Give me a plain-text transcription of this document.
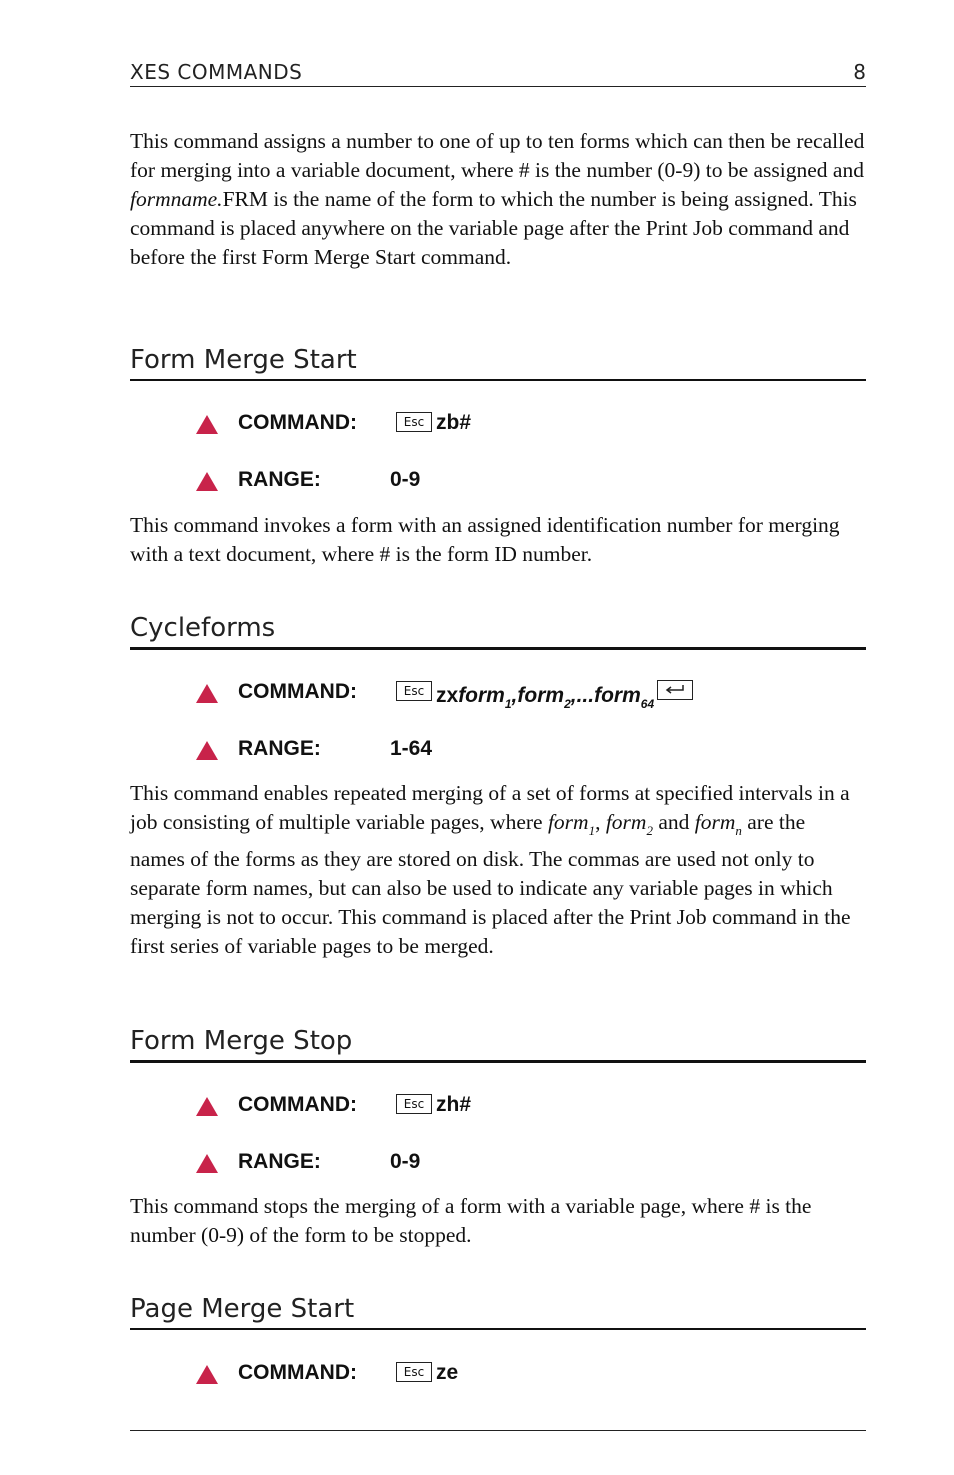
XES COMMANDS	8

This command assigns a number to one of up to ten forms which can then be recalled for merging into a variable document, where # is the number (0-9) to be assigned and formname.FRM is the name of the form to which the number is being assigned. This command is placed anywhere on the variable page after the Print Job command and before the first Form Merge Start command.

Form Merge Start
COMMAND:	Esc zb#
RANGE:	0-9

This command invokes a form with an assigned identification number for merging with a text document, where # is the form ID number.

Cycleforms
COMMAND:	Esc zxform$_1$,form$_2$,...form$_{64}$
RANGE:	1-64

This command enables repeated merging of a set of forms at specified intervals in a job consisting of multiple variable pages, where form$_1$, form$_2$ and form$_n$ are the names of the forms as they are stored on disk. The commas are used not only to separate form names, but can also be used to indicate any variable pages in which merging is not to occur. This command is placed after the Print Job command in the first series of variable pages to be merged.

Form Merge Stop
COMMAND:	Esc zh#
RANGE:	0-9

This command stops the merging of a form with a variable page, where # is the number (0-9) of the form to be stopped.

Page Merge Start
COMMAND:	Esc ze
